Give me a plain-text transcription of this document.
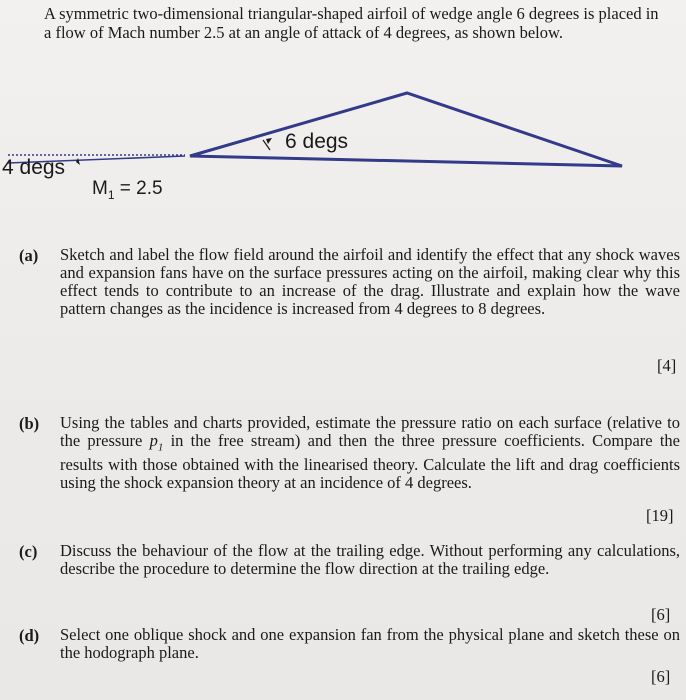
A symmetric two-dimensional triangular-shaped airfoil of wedge angle 6 degrees is placed in a flow of Mach number 2.5 at an angle of attack of 4 degrees, as shown below.
6 degs
4 degs
$M_1 = 2.5$
(a) Sketch and label the flow field around the airfoil and identify the effect that any shock waves and expansion fans have on the surface pressures acting on the airfoil, making clear why this effect tends to contribute to an increase of the drag. Illustrate and explain how the wave pattern changes as the incidence is increased from 4 degrees to 8 degrees.
[4]
(b) Using the tables and charts provided, estimate the pressure ratio on each surface (relative to the pressure $p_1$ in the free stream) and then the three pressure coefficients. Compare the results with those obtained with the linearised theory. Calculate the lift and drag coefficients using the shock expansion theory at an incidence of 4 degrees.
[19]
(c) Discuss the behaviour of the flow at the trailing edge. Without performing any calculations, describe the procedure to determine the flow direction at the trailing edge.
[6]
(d) Select one oblique shock and one expansion fan from the physical plane and sketch these on the hodograph plane.
[6]
